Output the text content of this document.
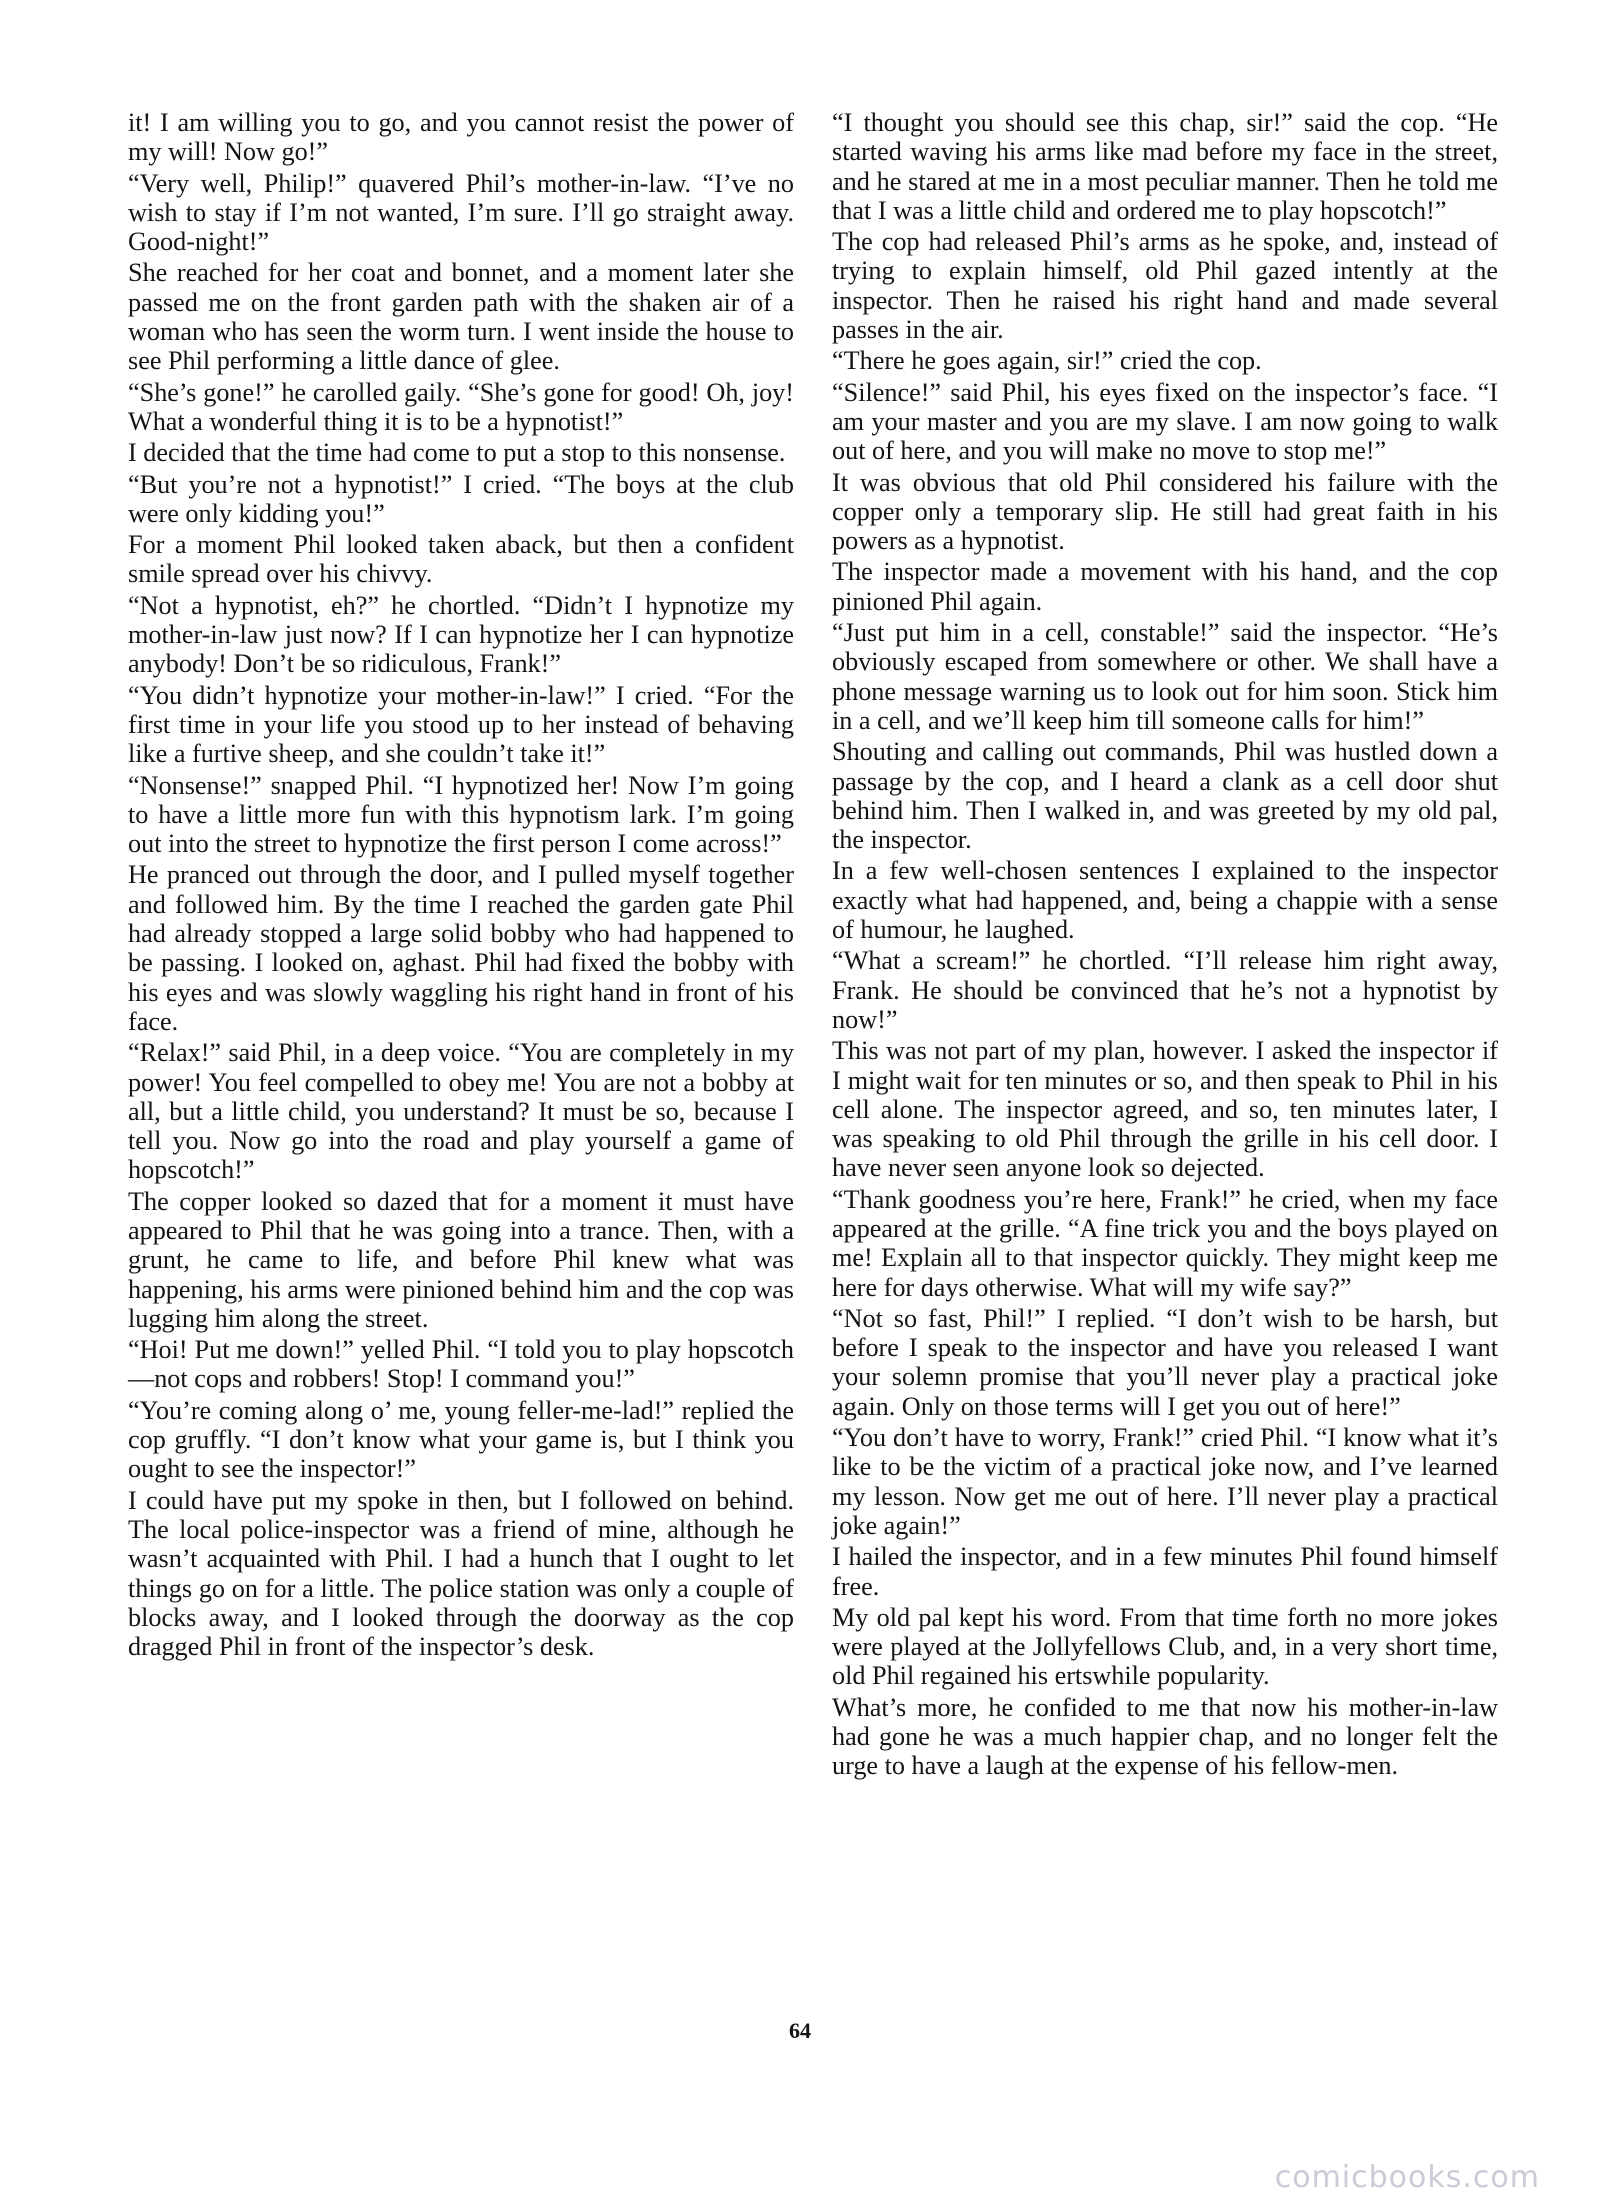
it! I am willing you to go, and you cannot resist the power of my will! Now go!”

“Very well, Philip!” quavered Phil’s mother-in-law. “I’ve no wish to stay if I’m not wanted, I’m sure. I’ll go straight away. Good-night!”

She reached for her coat and bonnet, and a moment later she passed me on the front garden path with the shaken air of a woman who has seen the worm turn. I went inside the house to see Phil performing a little dance of glee.

“She’s gone!” he carolled gaily. “She’s gone for good! Oh, joy! What a wonderful thing it is to be a hypnotist!”

I decided that the time had come to put a stop to this nonsense.

“But you’re not a hypnotist!” I cried. “The boys at the club were only kidding you!”

For a moment Phil looked taken aback, but then a confident smile spread over his chivvy.

“Not a hypnotist, eh?” he chortled. “Didn’t I hypnotize my mother-in-law just now? If I can hypnotize her I can hypnotize anybody! Don’t be so ridiculous, Frank!”

“You didn’t hypnotize your mother-in-law!” I cried. “For the first time in your life you stood up to her instead of behaving like a furtive sheep, and she couldn’t take it!”

“Nonsense!” snapped Phil. “I hypnotized her! Now I’m going to have a little more fun with this hypnotism lark. I’m going out into the street to hypnotize the first person I come across!”

He pranced out through the door, and I pulled myself together and followed him. By the time I reached the garden gate Phil had already stopped a large solid bobby who had happened to be passing. I looked on, aghast. Phil had fixed the bobby with his eyes and was slowly waggling his right hand in front of his face.

“Relax!” said Phil, in a deep voice. “You are completely in my power! You feel compelled to obey me! You are not a bobby at all, but a little child, you understand? It must be so, because I tell you. Now go into the road and play yourself a game of hopscotch!”

The copper looked so dazed that for a moment it must have appeared to Phil that he was going into a trance. Then, with a grunt, he came to life, and before Phil knew what was happening, his arms were pinioned behind him and the cop was lugging him along the street.

“Hoi! Put me down!” yelled Phil. “I told you to play hopscotch—not cops and robbers! Stop! I command you!”

“You’re coming along o’ me, young feller-me-lad!” replied the cop gruffly. “I don’t know what your game is, but I think you ought to see the inspector!”

I could have put my spoke in then, but I followed on behind. The local police-inspector was a friend of mine, although he wasn’t acquainted with Phil. I had a hunch that I ought to let things go on for a little. The police station was only a couple of blocks away, and I looked through the doorway as the cop dragged Phil in front of the inspector’s desk.

“I thought you should see this chap, sir!” said the cop. “He started waving his arms like mad before my face in the street, and he stared at me in a most peculiar manner. Then he told me that I was a little child and ordered me to play hopscotch!”

The cop had released Phil’s arms as he spoke, and, instead of trying to explain himself, old Phil gazed intently at the inspector. Then he raised his right hand and made several passes in the air.

“There he goes again, sir!” cried the cop.

“Silence!” said Phil, his eyes fixed on the inspector’s face. “I am your master and you are my slave. I am now going to walk out of here, and you will make no move to stop me!”

It was obvious that old Phil considered his failure with the copper only a temporary slip. He still had great faith in his powers as a hypnotist.

The inspector made a movement with his hand, and the cop pinioned Phil again.

“Just put him in a cell, constable!” said the inspector. “He’s obviously escaped from somewhere or other. We shall have a phone message warning us to look out for him soon. Stick him in a cell, and we’ll keep him till someone calls for him!”

Shouting and calling out commands, Phil was hustled down a passage by the cop, and I heard a clank as a cell door shut behind him. Then I walked in, and was greeted by my old pal, the inspector.

In a few well-chosen sentences I explained to the inspector exactly what had happened, and, being a chappie with a sense of humour, he laughed.

“What a scream!” he chortled. “I’ll release him right away, Frank. He should be convinced that he’s not a hypnotist by now!”

This was not part of my plan, however. I asked the inspector if I might wait for ten minutes or so, and then speak to Phil in his cell alone. The inspector agreed, and so, ten minutes later, I was speaking to old Phil through the grille in his cell door. I have never seen anyone look so dejected.

“Thank goodness you’re here, Frank!” he cried, when my face appeared at the grille. “A fine trick you and the boys played on me! Explain all to that inspector quickly. They might keep me here for days otherwise. What will my wife say?”

“Not so fast, Phil!” I replied. “I don’t wish to be harsh, but before I speak to the inspector and have you released I want your solemn promise that you’ll never play a practical joke again. Only on those terms will I get you out of here!”

“You don’t have to worry, Frank!” cried Phil. “I know what it’s like to be the victim of a practical joke now, and I’ve learned my lesson. Now get me out of here. I’ll never play a practical joke again!”

I hailed the inspector, and in a few minutes Phil found himself free.

My old pal kept his word. From that time forth no more jokes were played at the Jollyfellows Club, and, in a very short time, old Phil regained his ertswhile popularity.

What’s more, he confided to me that now his mother-in-law had gone he was a much happier chap, and no longer felt the urge to have a laugh at the expense of his fellow-men.

64
comicbooks.com
